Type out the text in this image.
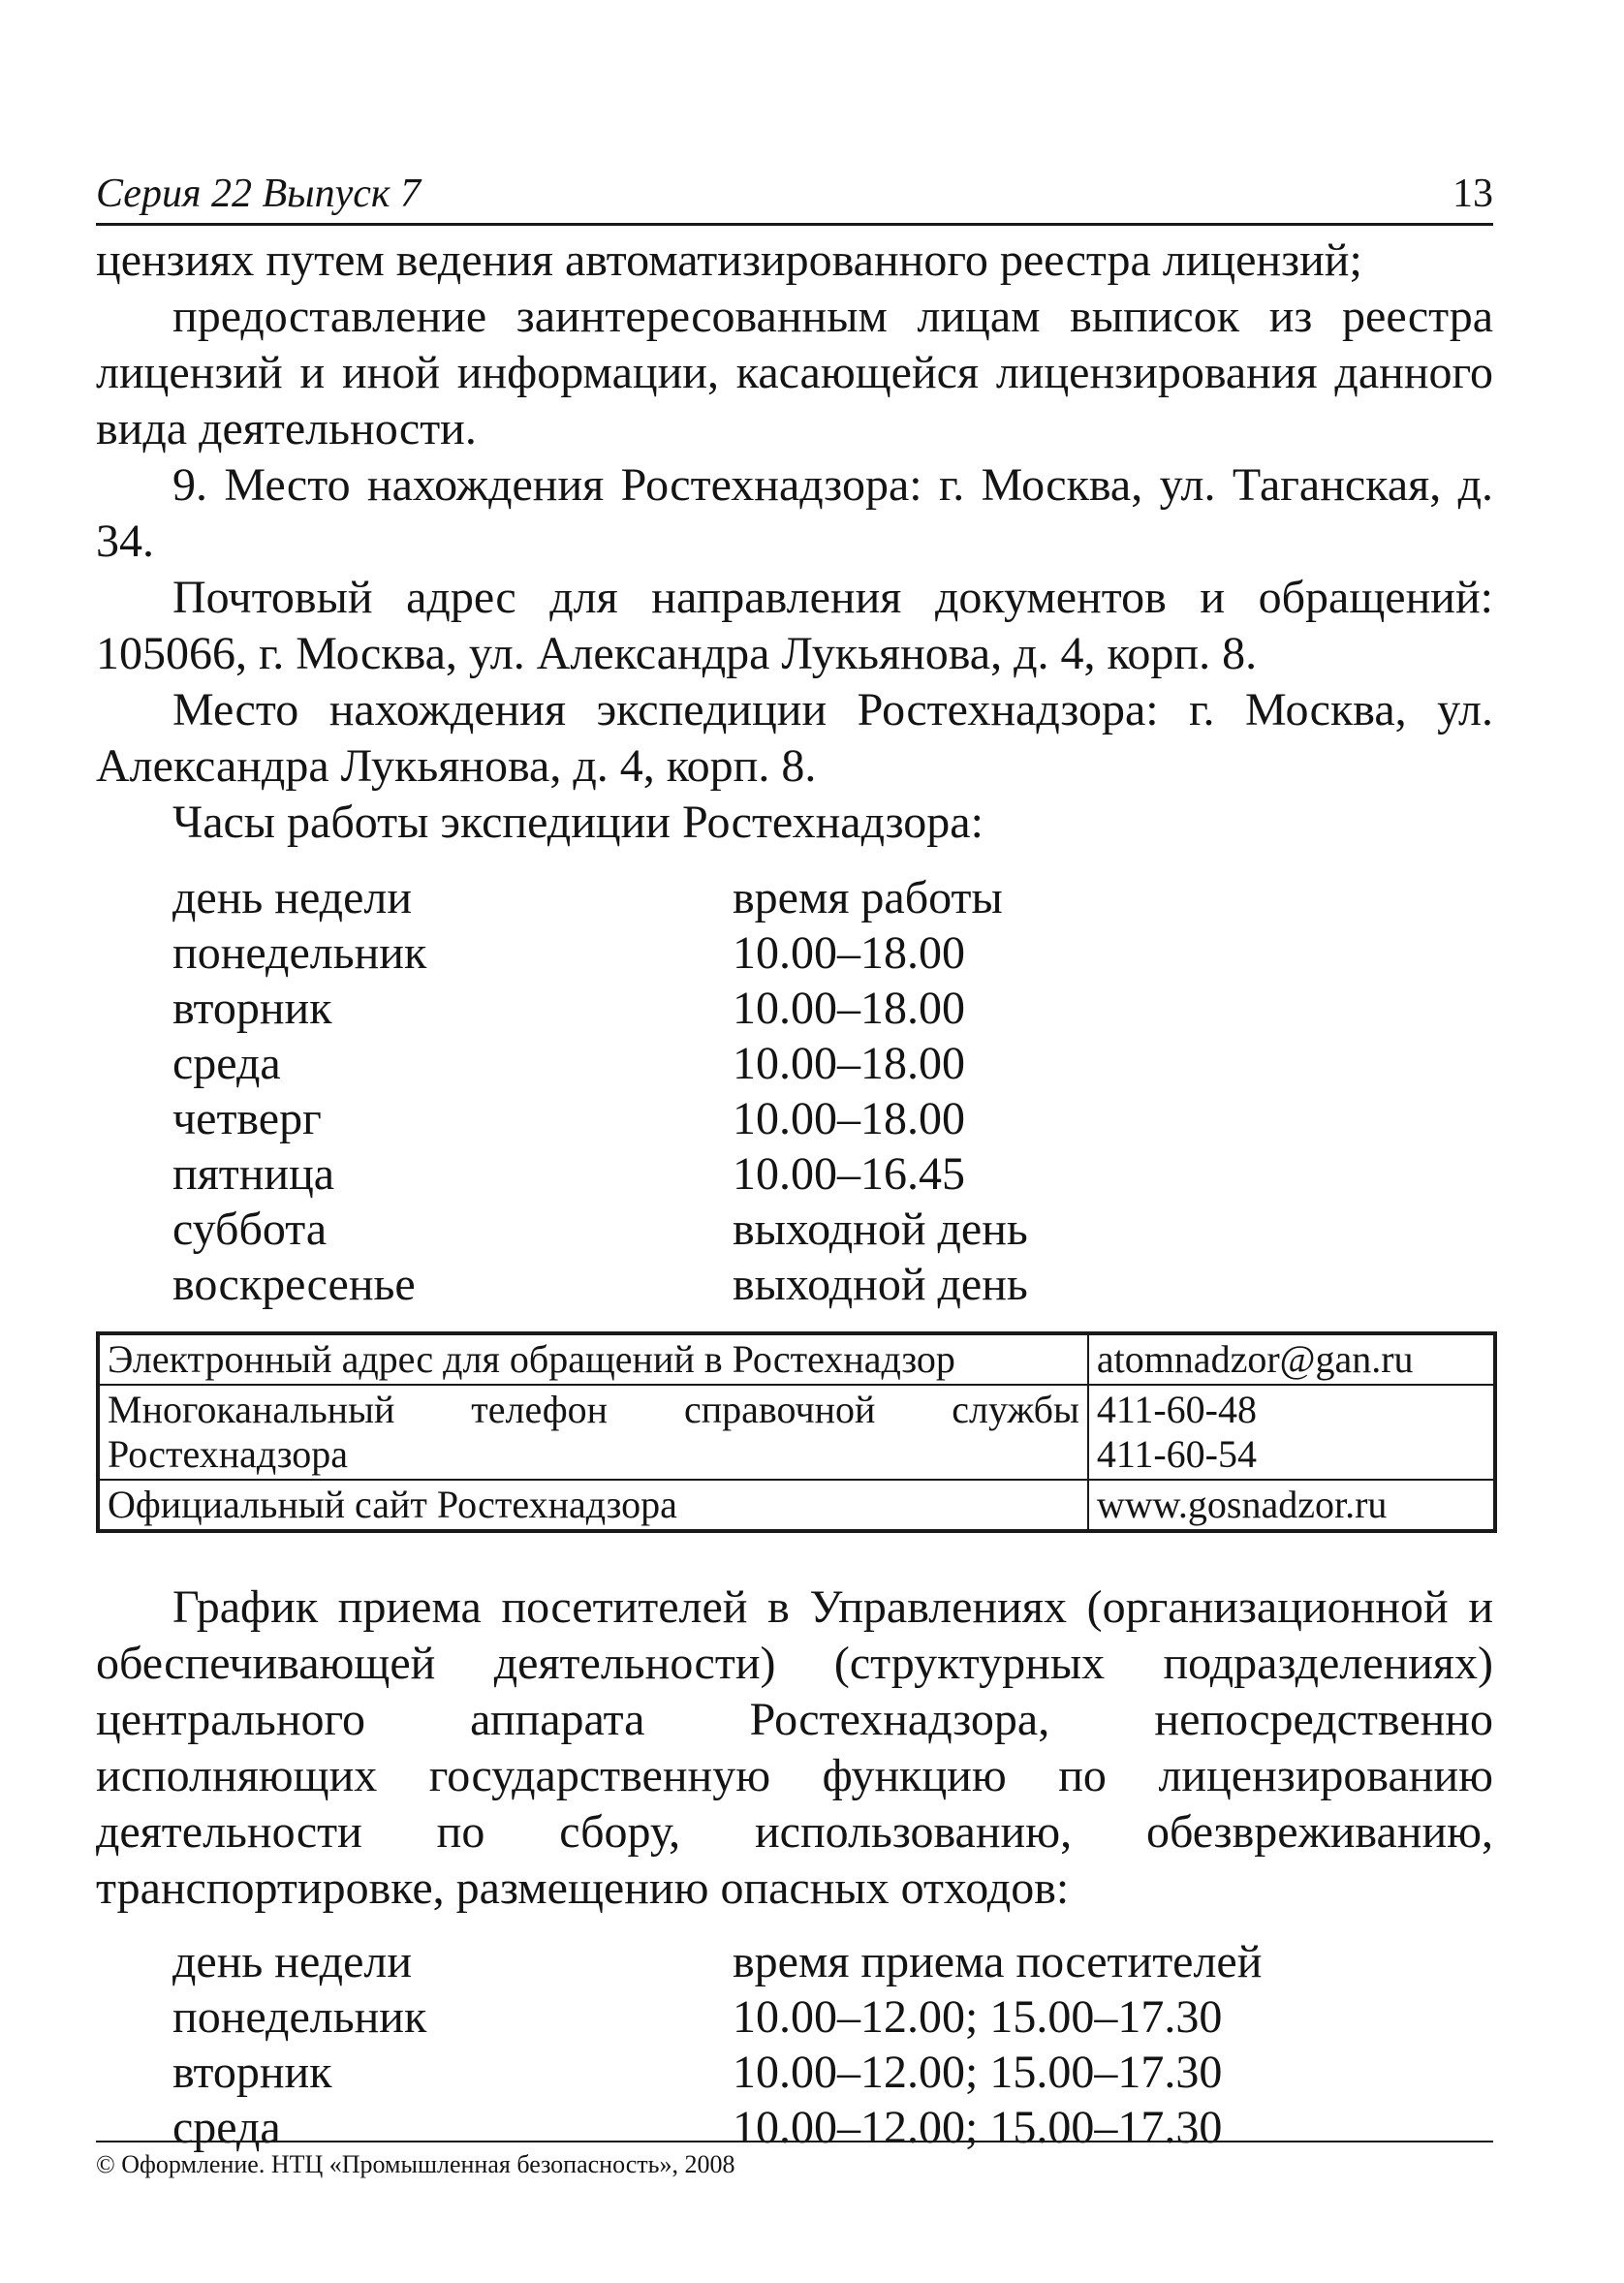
Серия 22 Выпуск 7	13

цензиях путем ведения автоматизированного реестра лицензий;

предоставление заинтересованным лицам выписок из реестра лицензий и иной информации, касающейся лицензирования данного вида деятельности.

9. Место нахождения Ростехнадзора: г. Москва, ул. Таганская, д. 34.

Почтовый адрес для направления документов и обращений: 105066, г. Москва, ул. Александра Лукьянова, д. 4, корп. 8.

Место нахождения экспедиции Ростехнадзора: г. Москва, ул. Александра Лукьянова, д. 4, корп. 8.

Часы работы экспедиции Ростехнадзора:

день недели	время работы
понедельник	10.00–18.00
вторник	10.00–18.00
среда	10.00–18.00
четверг	10.00–18.00
пятница	10.00–16.45
суббота	выходной день
воскресенье	выходной день
Электронный адрес для обращений в Ростехнадзор	atomnadzor@gan.ru
Многоканальный телефон справочной службы Ростехнадзора	411-60-48
411-60-54

Официальный сайт Ростехнадзора	www.gosnadzor.ru

График приема посетителей в Управлениях (организационной и обеспечивающей деятельности) (структурных подразделениях) центрального аппарата Ростехнадзора, непосредственно исполняющих государственную функцию по лицензированию деятельности по сбору, использованию, обезвреживанию, транспортировке, размещению опасных отходов:

день недели	время приема посетителей
понедельник	10.00–12.00; 15.00–17.30
вторник	10.00–12.00; 15.00–17.30
среда	10.00–12.00; 15.00–17.30
© Оформление. НТЦ «Промышленная безопасность», 2008
